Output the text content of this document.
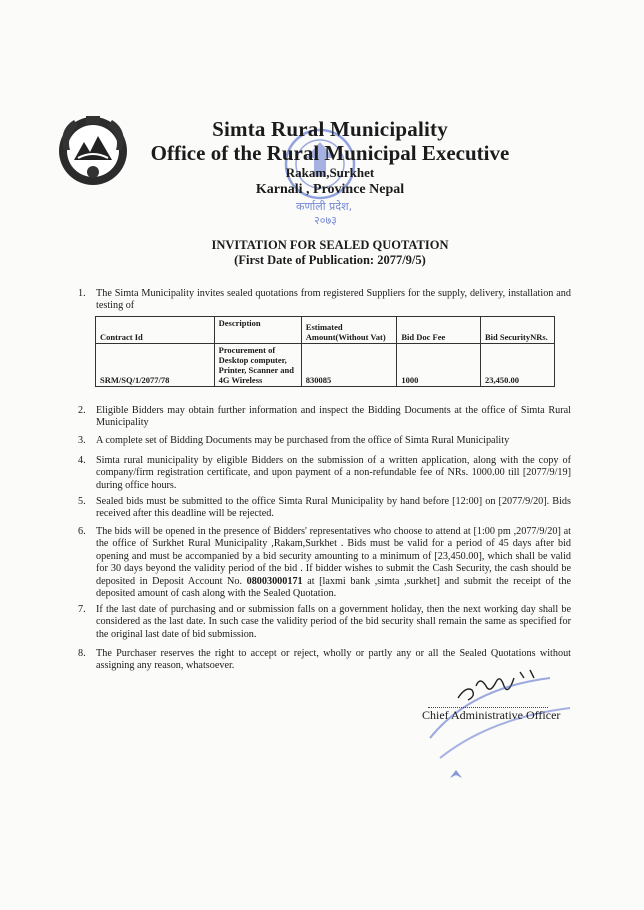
कर्णाली प्रदेश,
२०७३
Simta Rural Municipality
Office of the Rural Municipal Executive
Rakam,Surkhet
Karnali , Province Nepal
INVITATION FOR SEALED QUOTATION
(First Date of Publication: 2077/9/5)
1. The Simta Municipality invites sealed quotations from registered Suppliers for the supply, delivery, installation and testing of
Contract Id	Description	Estimated Amount(Without Vat)	Bid Doc Fee	Bid SecurityNRs.
SRM/SQ/1/2077/78	Procurement of Desktop computer, Printer, Scanner and 4G Wireless	830085	1000	23,450.00
2. Eligible Bidders may obtain further information and inspect the Bidding Documents at the office of Simta Rural Municipality
3. A complete set of Bidding Documents may be purchased from the office of Simta Rural Municipality
4. Simta rural municipality by eligible Bidders on the submission of a written application, along with the copy of company/firm registration certificate, and upon payment of a non-refundable fee of NRs. 1000.00 till [2077/9/19] during office hours.
5. Sealed bids must be submitted to the office Simta Rural Municipality by hand before [12:00] on [2077/9/20]. Bids received after this deadline will be rejected.
6. The bids will be opened in the presence of Bidders' representatives who choose to attend at [1:00 pm ,2077/9/20] at the office of Surkhet Rural Municipality ,Rakam,Surkhet . Bids must be valid for a period of 45 days after bid opening and must be accompanied by a bid security amounting to a minimum of [23,450.00], which shall be valid for 30 days beyond the validity period of the bid . If bidder wishes to submit the Cash Security, the cash should be deposited in Deposit Account No. 08003000171 at [laxmi bank ,simta ,surkhet] and submit the receipt of the deposited amount of cash along with the Sealed Quotation.
7. If the last date of purchasing and or submission falls on a government holiday, then the next working day shall be considered as the last date. In such case the validity period of the bid security shall remain the same as specified for the original last date of bid submission.
8. The Purchaser reserves the right to accept or reject, wholly or partly any or all the Sealed Quotations without assigning any reason, whatsoever.
Chief Administrative Officer
